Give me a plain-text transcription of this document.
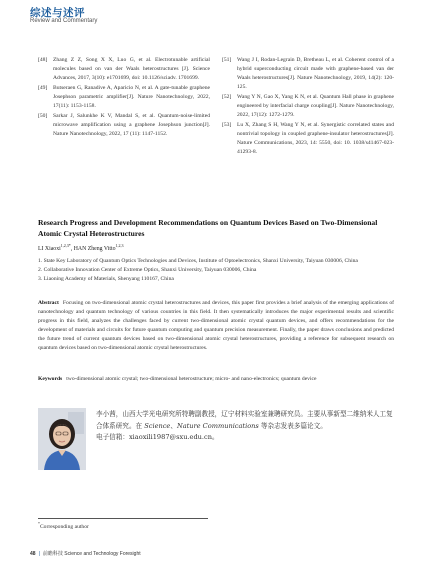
综述与述评
Review and Commentary
[48] Zhang Z Z, Song X X, Luo G, et al. Electrotunable artificial molecules based on van der Waals heterostructures [J]. Science Advances, 2017, 3(10): e1701699, doi: 10.1126/sciadv. 1701699.
[49] Butseraen G, Ranadive A, Aparicio N, et al. A gate-tunable graphene Josephson parametric amplifier[J]. Nature Nanotechnology, 2022, 17(11): 1153-1158.
[50] Sarkar J, Salunkhe K V, Mandal S, et al. Quantum-noise-limited microwave amplification using a graphene Josephson junction[J]. Nature Nanotechnology, 2022, 17 (11): 1147-1152.
[51] Wang J I, Rodan-Legrain D, Bretheau L, et al. Coherent control of a hybrid superconducting circuit made with graphene-based van der Waals heterostructures[J]. Nature Nanotechnology, 2019, 14(2): 120-125.
[52] Wang Y N, Gao X, Yang K N, et al. Quantum Hall phase in graphene engineered by interfacial charge coupling[J]. Nature Nanotechnology, 2022, 17(12): 1272-1279.
[53] Lu X, Zhang S H, Wang Y N, et al. Synergistic correlated states and nontrivial topology in coupled graphene-insulator heterostructures[J]. Nature Communications, 2023, 14: 5550, doi: 10. 1038/s41467-023-41293-8.
Research Progress and Development Recommendations on Quantum Devices Based on Two-Dimensional Atomic Crystal Heterostructures
LI Xiaoxi$^{1,2,3*}$, HAN Zheng Vitto$^{1,2,3}$
1. State Key Laboratory of Quantum Optics Technologies and Devices, Institute of Optoelectronics, Shanxi University, Taiyuan 030006, China
2. Collaborative Innovation Center of Extreme Optics, Shanxi University, Taiyuan 030006, China
3. Liaoning Academy of Materials, Shenyang 110167, China
Abstract Focusing on two-dimensional atomic crystal heterostructures and devices, this paper first provides a brief analysis of the emerging applications of nanotechnology and quantum technology of various countries in this field. It then systematically introduces the major experimental results and scientific progress in this field, analyzes the challenges faced by current two-dimensional atomic crystal quantum devices, and offers recommendations for the development of materials and circuits for future quantum computing and quantum precision measurement. Finally, the paper draws conclusions and predicted the future trend of current quantum devices based on two-dimensional atomic crystal heterostructures, providing a reference for subsequent research on quantum devices based on two-dimensional atomic crystal heterostructures.
Keywords two-dimensional atomic crystal; two-dimensional heterostructure; micro- and nano-electronics; quantum device
李小茜，山西大学光电研究所特聘副教授，辽宁材料实验室兼聘研究员。主要从事新型二维纳米人工复合体系研究。在 Science、Nature Communications 等杂志发表多篇论文。
电子信箱：xiaoxili1987@sxu.edu.cn。
*Corresponding author
48 | 前瞻科技 Science and Technology Foresight
